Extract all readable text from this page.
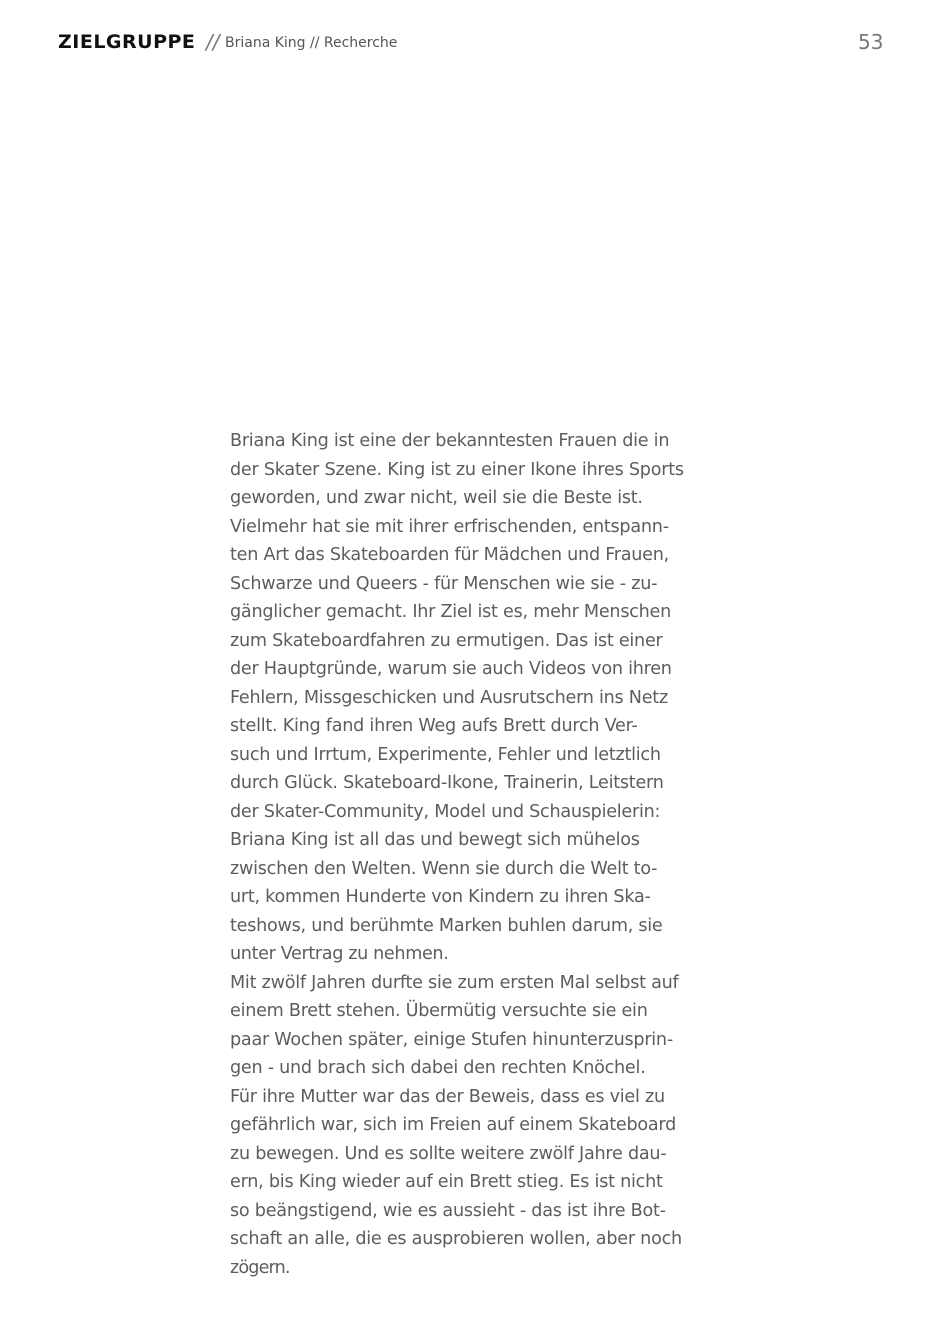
ZIELGRUPPE // Briana King // Recherche	53
Briana King ist eine der bekanntesten Frauen die in
der Skater Szene. King ist zu einer Ikone ihres Sports
geworden, und zwar nicht, weil sie die Beste ist.
Vielmehr hat sie mit ihrer erfrischenden, entspann-
ten Art das Skateboarden für Mädchen und Frauen,
Schwarze und Queers - für Menschen wie sie - zu-
gänglicher gemacht. Ihr Ziel ist es, mehr Menschen
zum Skateboardfahren zu ermutigen. Das ist einer
der Hauptgründe, warum sie auch Videos von ihren
Fehlern, Missgeschicken und Ausrutschern ins Netz
stellt. King fand ihren Weg aufs Brett durch Ver-
such und Irrtum, Experimente, Fehler und letztlich
durch Glück. Skateboard-Ikone, Trainerin, Leitstern
der Skater-Community, Model und Schauspielerin:
Briana King ist all das und bewegt sich mühelos
zwischen den Welten. Wenn sie durch die Welt to-
urt, kommen Hunderte von Kindern zu ihren Ska-
teshows, und berühmte Marken buhlen darum, sie
unter Vertrag zu nehmen.
Mit zwölf Jahren durfte sie zum ersten Mal selbst auf
einem Brett stehen. Übermütig versuchte sie ein
paar Wochen später, einige Stufen hinunterzusprin-
gen - und brach sich dabei den rechten Knöchel.
Für ihre Mutter war das der Beweis, dass es viel zu
gefährlich war, sich im Freien auf einem Skateboard
zu bewegen. Und es sollte weitere zwölf Jahre dau-
ern, bis King wieder auf ein Brett stieg. Es ist nicht
so beängstigend, wie es aussieht - das ist ihre Bot-
schaft an alle, die es ausprobieren wollen, aber noch
zögern.
